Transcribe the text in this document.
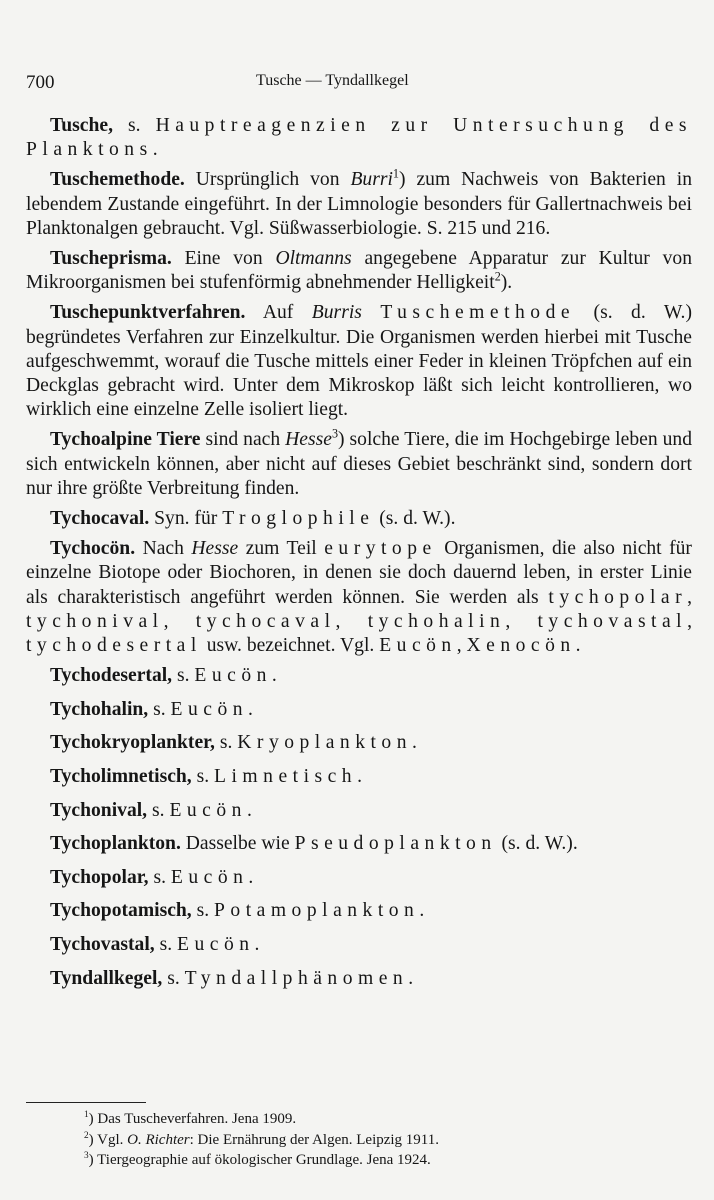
700	Tusche — Tyndallkegel

Tusche, s. Hauptreagenzien zur Untersuchung des Planktons.

Tuschemethode. Ursprünglich von Burri$^1$) zum Nachweis von Bakterien in lebendem Zustande eingeführt. In der Limnologie besonders für Gallertnachweis bei Planktonalgen gebraucht. Vgl. Süßwasserbiologie. S. 215 und 216.

Tuscheprisma. Eine von Oltmanns angegebene Apparatur zur Kultur von Mikroorganismen bei stufenförmig abnehmender Helligkeit$^2$).

Tuschepunktverfahren. Auf Burris Tuschemethode (s. d. W.) begründetes Verfahren zur Einzelkultur. Die Organismen werden hierbei mit Tusche aufgeschwemmt, worauf die Tusche mittels einer Feder in kleinen Tröpfchen auf ein Deckglas gebracht wird. Unter dem Mikroskop läßt sich leicht kontrollieren, wo wirklich eine einzelne Zelle isoliert liegt.

Tychoalpine Tiere sind nach Hesse$^3$) solche Tiere, die im Hochgebirge leben und sich entwickeln können, aber nicht auf dieses Gebiet beschränkt sind, sondern dort nur ihre größte Verbreitung finden.

Tychocaval. Syn. für Troglophile (s. d. W.).

Tychocön. Nach Hesse zum Teil eurytope Organismen, die also nicht für einzelne Biotope oder Biochoren, in denen sie doch dauernd leben, in erster Linie als charakteristisch angeführt werden können. Sie werden als tychopolar, tychonival, tychocaval, tychohalin, tychovastal, tychodesertal usw. bezeichnet. Vgl. Eucön, Xenocön.

Tychodesertal, s. Eucön.

Tychohalin, s. Eucön.

Tychokryoplankter, s. Kryoplankton.

Tycholimnetisch, s. Limnetisch.

Tychonival, s. Eucön.

Tychoplankton. Dasselbe wie Pseudoplankton (s. d. W.).

Tychopolar, s. Eucön.

Tychopotamisch, s. Potamoplankton.

Tychovastal, s. Eucön.

Tyndallkegel, s. Tyndallphänomen.

$^1$) Das Tuscheverfahren. Jena 1909.

$^2$) Vgl. O. Richter: Die Ernährung der Algen. Leipzig 1911.

$^3$) Tiergeographie auf ökologischer Grundlage. Jena 1924.
